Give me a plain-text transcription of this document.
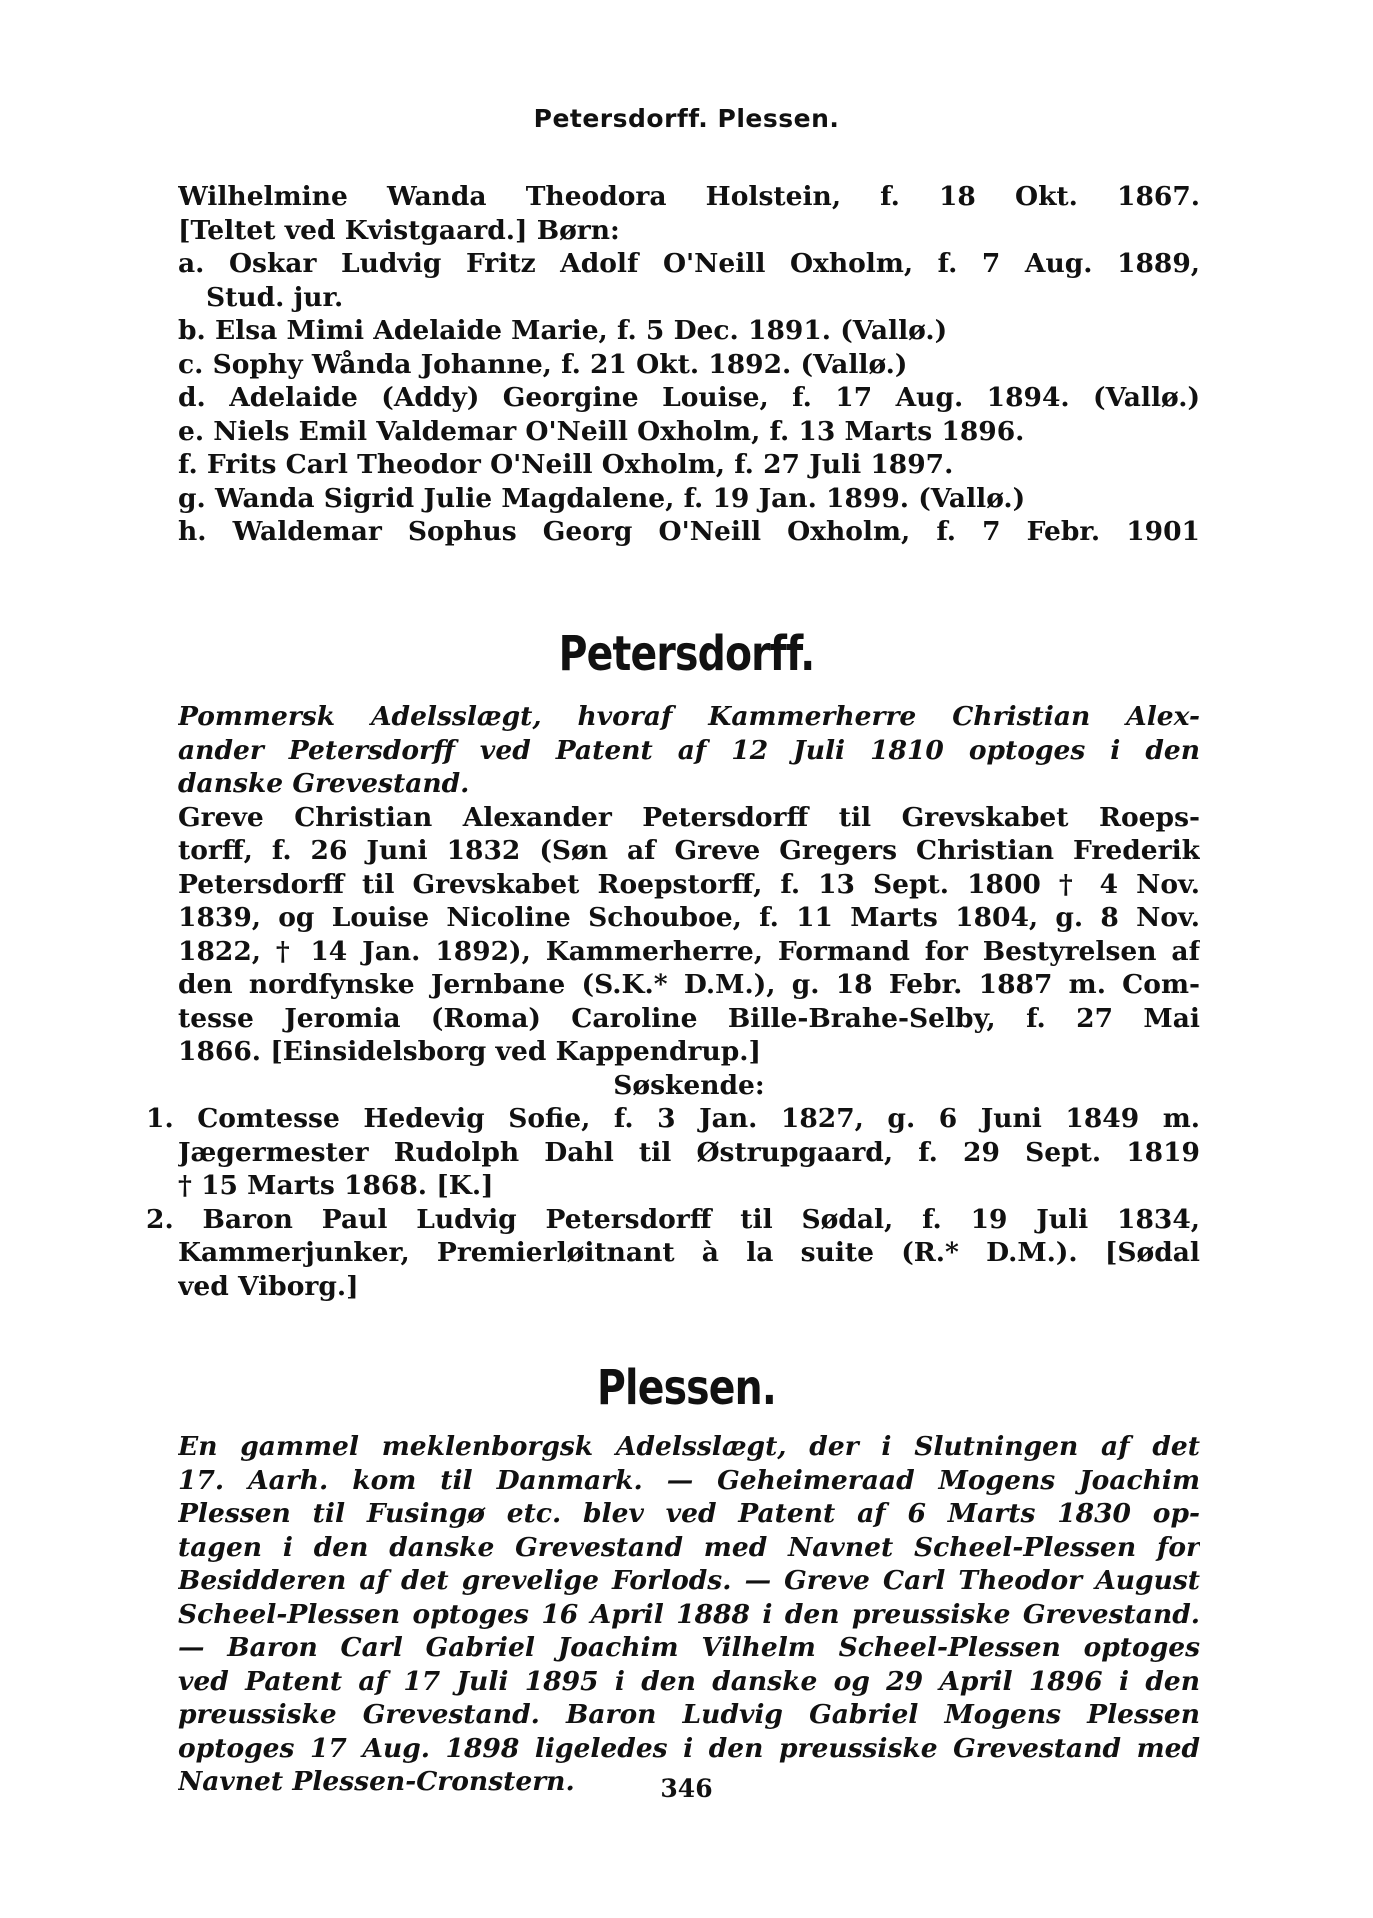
Petersdorff. Plessen.
Wilhelmine Wanda Theodora Holstein, f. 18 Okt. 1867.
[Teltet ved Kvistgaard.] Børn:
a. Oskar Ludvig Fritz Adolf O'Neill Oxholm, f. 7 Aug. 1889,
Stud. jur.
b. Elsa Mimi Adelaide Marie, f. 5 Dec. 1891. (Vallø.)
c. Sophy Wånda Johanne, f. 21 Okt. 1892. (Vallø.)
d. Adelaide (Addy) Georgine Louise, f. 17 Aug. 1894. (Vallø.)
e. Niels Emil Valdemar O'Neill Oxholm, f. 13 Marts 1896.
f. Frits Carl Theodor O'Neill Oxholm, f. 27 Juli 1897.
g. Wanda Sigrid Julie Magdalene, f. 19 Jan. 1899. (Vallø.)
h. Waldemar Sophus Georg O'Neill Oxholm, f. 7 Febr. 1901
Petersdorff.
Pommersk Adelsslægt, hvoraf Kammerherre Christian Alex-
ander Petersdorff ved Patent af 12 Juli 1810 optoges i den
danske Grevestand.
Greve Christian Alexander Petersdorff til Grevskabet Roeps-
torff, f. 26 Juni 1832 (Søn af Greve Gregers Christian Frederik
Petersdorff til Grevskabet Roepstorff, f. 13 Sept. 1800 † 4 Nov.
1839, og Louise Nicoline Schouboe, f. 11 Marts 1804, g. 8 Nov.
1822, † 14 Jan. 1892), Kammerherre, Formand for Bestyrelsen af
den nordfynske Jernbane (S.K.* D.M.), g. 18 Febr. 1887 m. Com-
tesse Jeromia (Roma) Caroline Bille-Brahe-Selby, f. 27 Mai
1866. [Einsidelsborg ved Kappendrup.]
Søskende:
1. Comtesse Hedevig Sofie, f. 3 Jan. 1827, g. 6 Juni 1849 m.
Jægermester Rudolph Dahl til Østrupgaard, f. 29 Sept. 1819
† 15 Marts 1868. [K.]
2. Baron Paul Ludvig Petersdorff til Sødal, f. 19 Juli 1834,
Kammerjunker, Premierløitnant à la suite (R.* D.M.). [Sødal
ved Viborg.]
Plessen.
En gammel meklenborgsk Adelsslægt, der i Slutningen af det
17. Aarh. kom til Danmark. — Geheimeraad Mogens Joachim
Plessen til Fusingø etc. blev ved Patent af 6 Marts 1830 op-
tagen i den danske Grevestand med Navnet Scheel-Plessen for
Besidderen af det grevelige Forlods. — Greve Carl Theodor August
Scheel-Plessen optoges 16 April 1888 i den preussiske Grevestand.
— Baron Carl Gabriel Joachim Vilhelm Scheel-Plessen optoges
ved Patent af 17 Juli 1895 i den danske og 29 April 1896 i den
preussiske Grevestand. Baron Ludvig Gabriel Mogens Plessen
optoges 17 Aug. 1898 ligeledes i den preussiske Grevestand med
Navnet Plessen-Cronstern.	346
